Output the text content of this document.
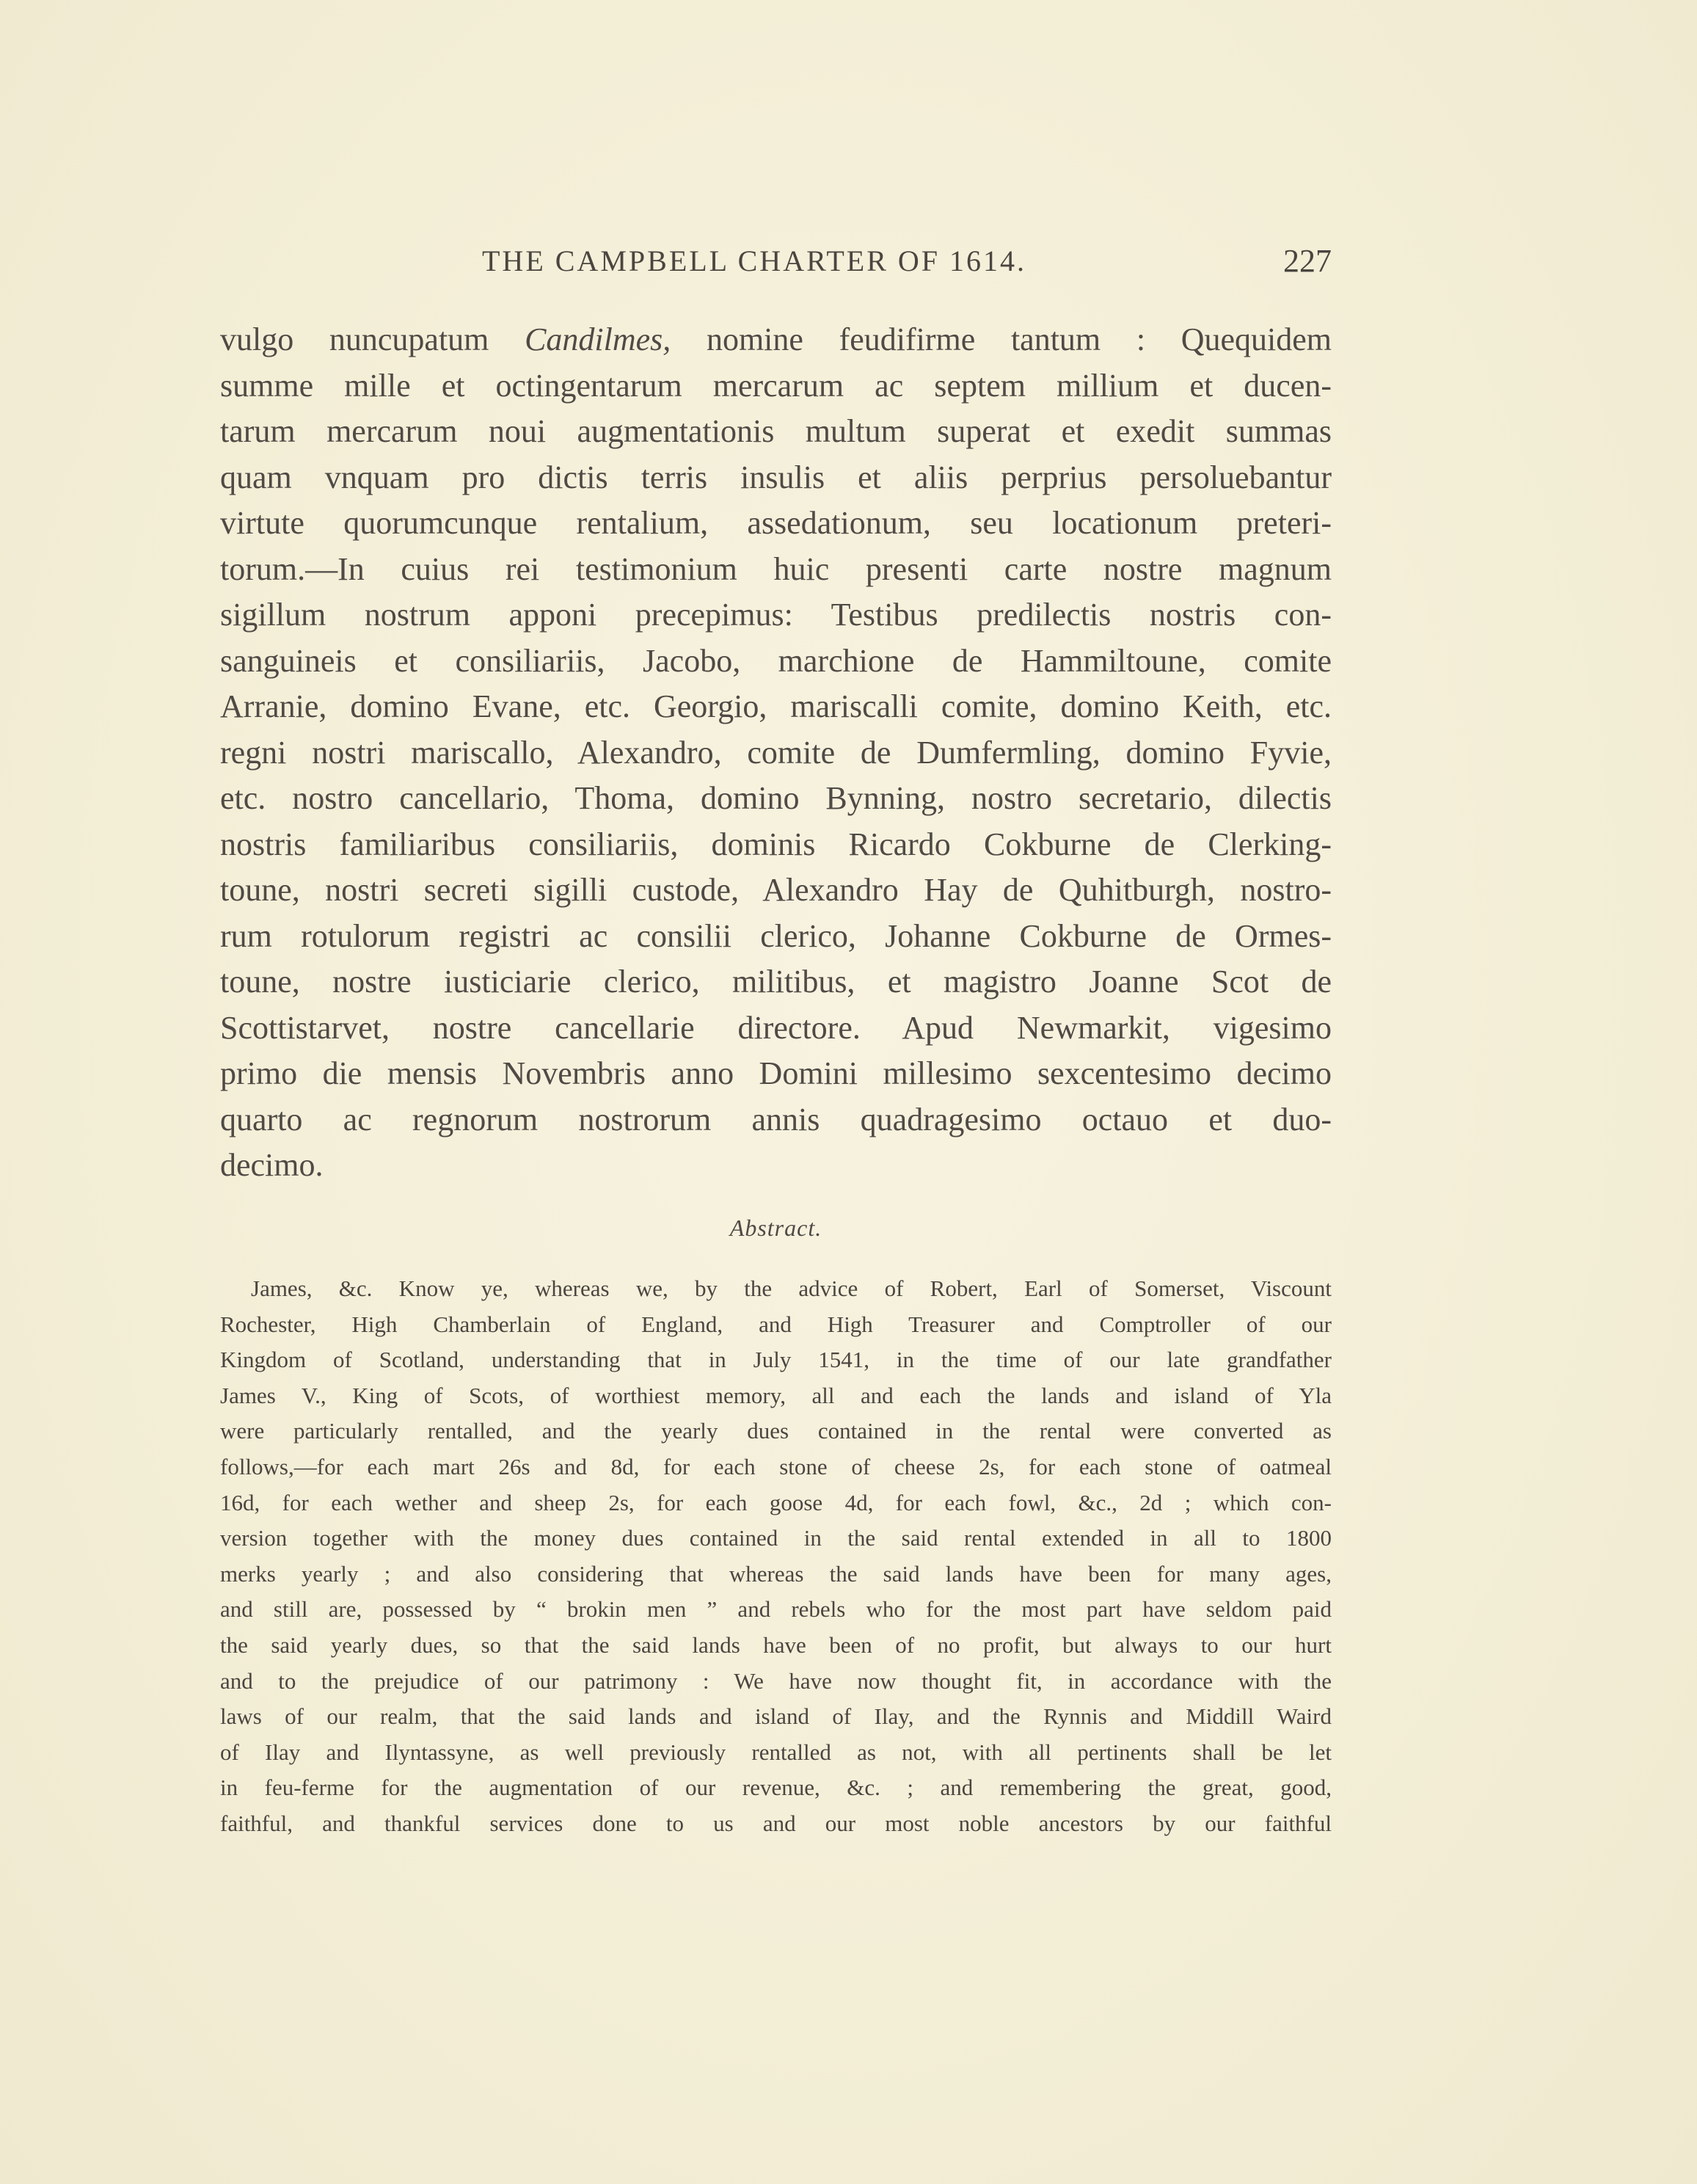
THE CAMPBELL CHARTER OF 1614.	227
vulgo nuncupatum Candilmes, nomine feudifirme tantum : Quequidem
summe mille et octingentarum mercarum ac septem millium et ducen-
tarum mercarum noui augmentationis multum superat et exedit summas
quam vnquam pro dictis terris insulis et aliis perprius persoluebantur
virtute quorumcunque rentalium, assedationum, seu locationum preteri-
torum.—In cuius rei testimonium huic presenti carte nostre magnum
sigillum nostrum apponi precepimus: Testibus predilectis nostris con-
sanguineis et consiliariis, Jacobo, marchione de Hammiltoune, comite
Arranie, domino Evane, etc. Georgio, mariscalli comite, domino Keith, etc.
regni nostri mariscallo, Alexandro, comite de Dumfermling, domino Fyvie,
etc. nostro cancellario, Thoma, domino Bynning, nostro secretario, dilectis
nostris familiaribus consiliariis, dominis Ricardo Cokburne de Clerking-
toune, nostri secreti sigilli custode, Alexandro Hay de Quhitburgh, nostro-
rum rotulorum registri ac consilii clerico, Johanne Cokburne de Ormes-
toune, nostre iusticiarie clerico, militibus, et magistro Joanne Scot de
Scottistarvet, nostre cancellarie directore. Apud Newmarkit, vigesimo
primo die mensis Novembris anno Domini millesimo sexcentesimo decimo
quarto ac regnorum nostrorum annis quadragesimo octauo et duo-
decimo.
Abstract.
James, &c. Know ye, whereas we, by the advice of Robert, Earl of Somerset, Viscount
Rochester, High Chamberlain of England, and High Treasurer and Comptroller of our
Kingdom of Scotland, understanding that in July 1541, in the time of our late grandfather
James V., King of Scots, of worthiest memory, all and each the lands and island of Yla
were particularly rentalled, and the yearly dues contained in the rental were converted as
follows,—for each mart 26s and 8d, for each stone of cheese 2s, for each stone of oatmeal
16d, for each wether and sheep 2s, for each goose 4d, for each fowl, &c., 2d ; which con-
version together with the money dues contained in the said rental extended in all to 1800
merks yearly ; and also considering that whereas the said lands have been for many ages,
and still are, possessed by “ brokin men ” and rebels who for the most part have seldom paid
the said yearly dues, so that the said lands have been of no profit, but always to our hurt
and to the prejudice of our patrimony : We have now thought fit, in accordance with the
laws of our realm, that the said lands and island of Ilay, and the Rynnis and Middill Waird
of Ilay and Ilyntassyne, as well previously rentalled as not, with all pertinents shall be let
in feu-ferme for the augmentation of our revenue, &c. ; and remembering the great, good,
faithful, and thankful services done to us and our most noble ancestors by our faithful
